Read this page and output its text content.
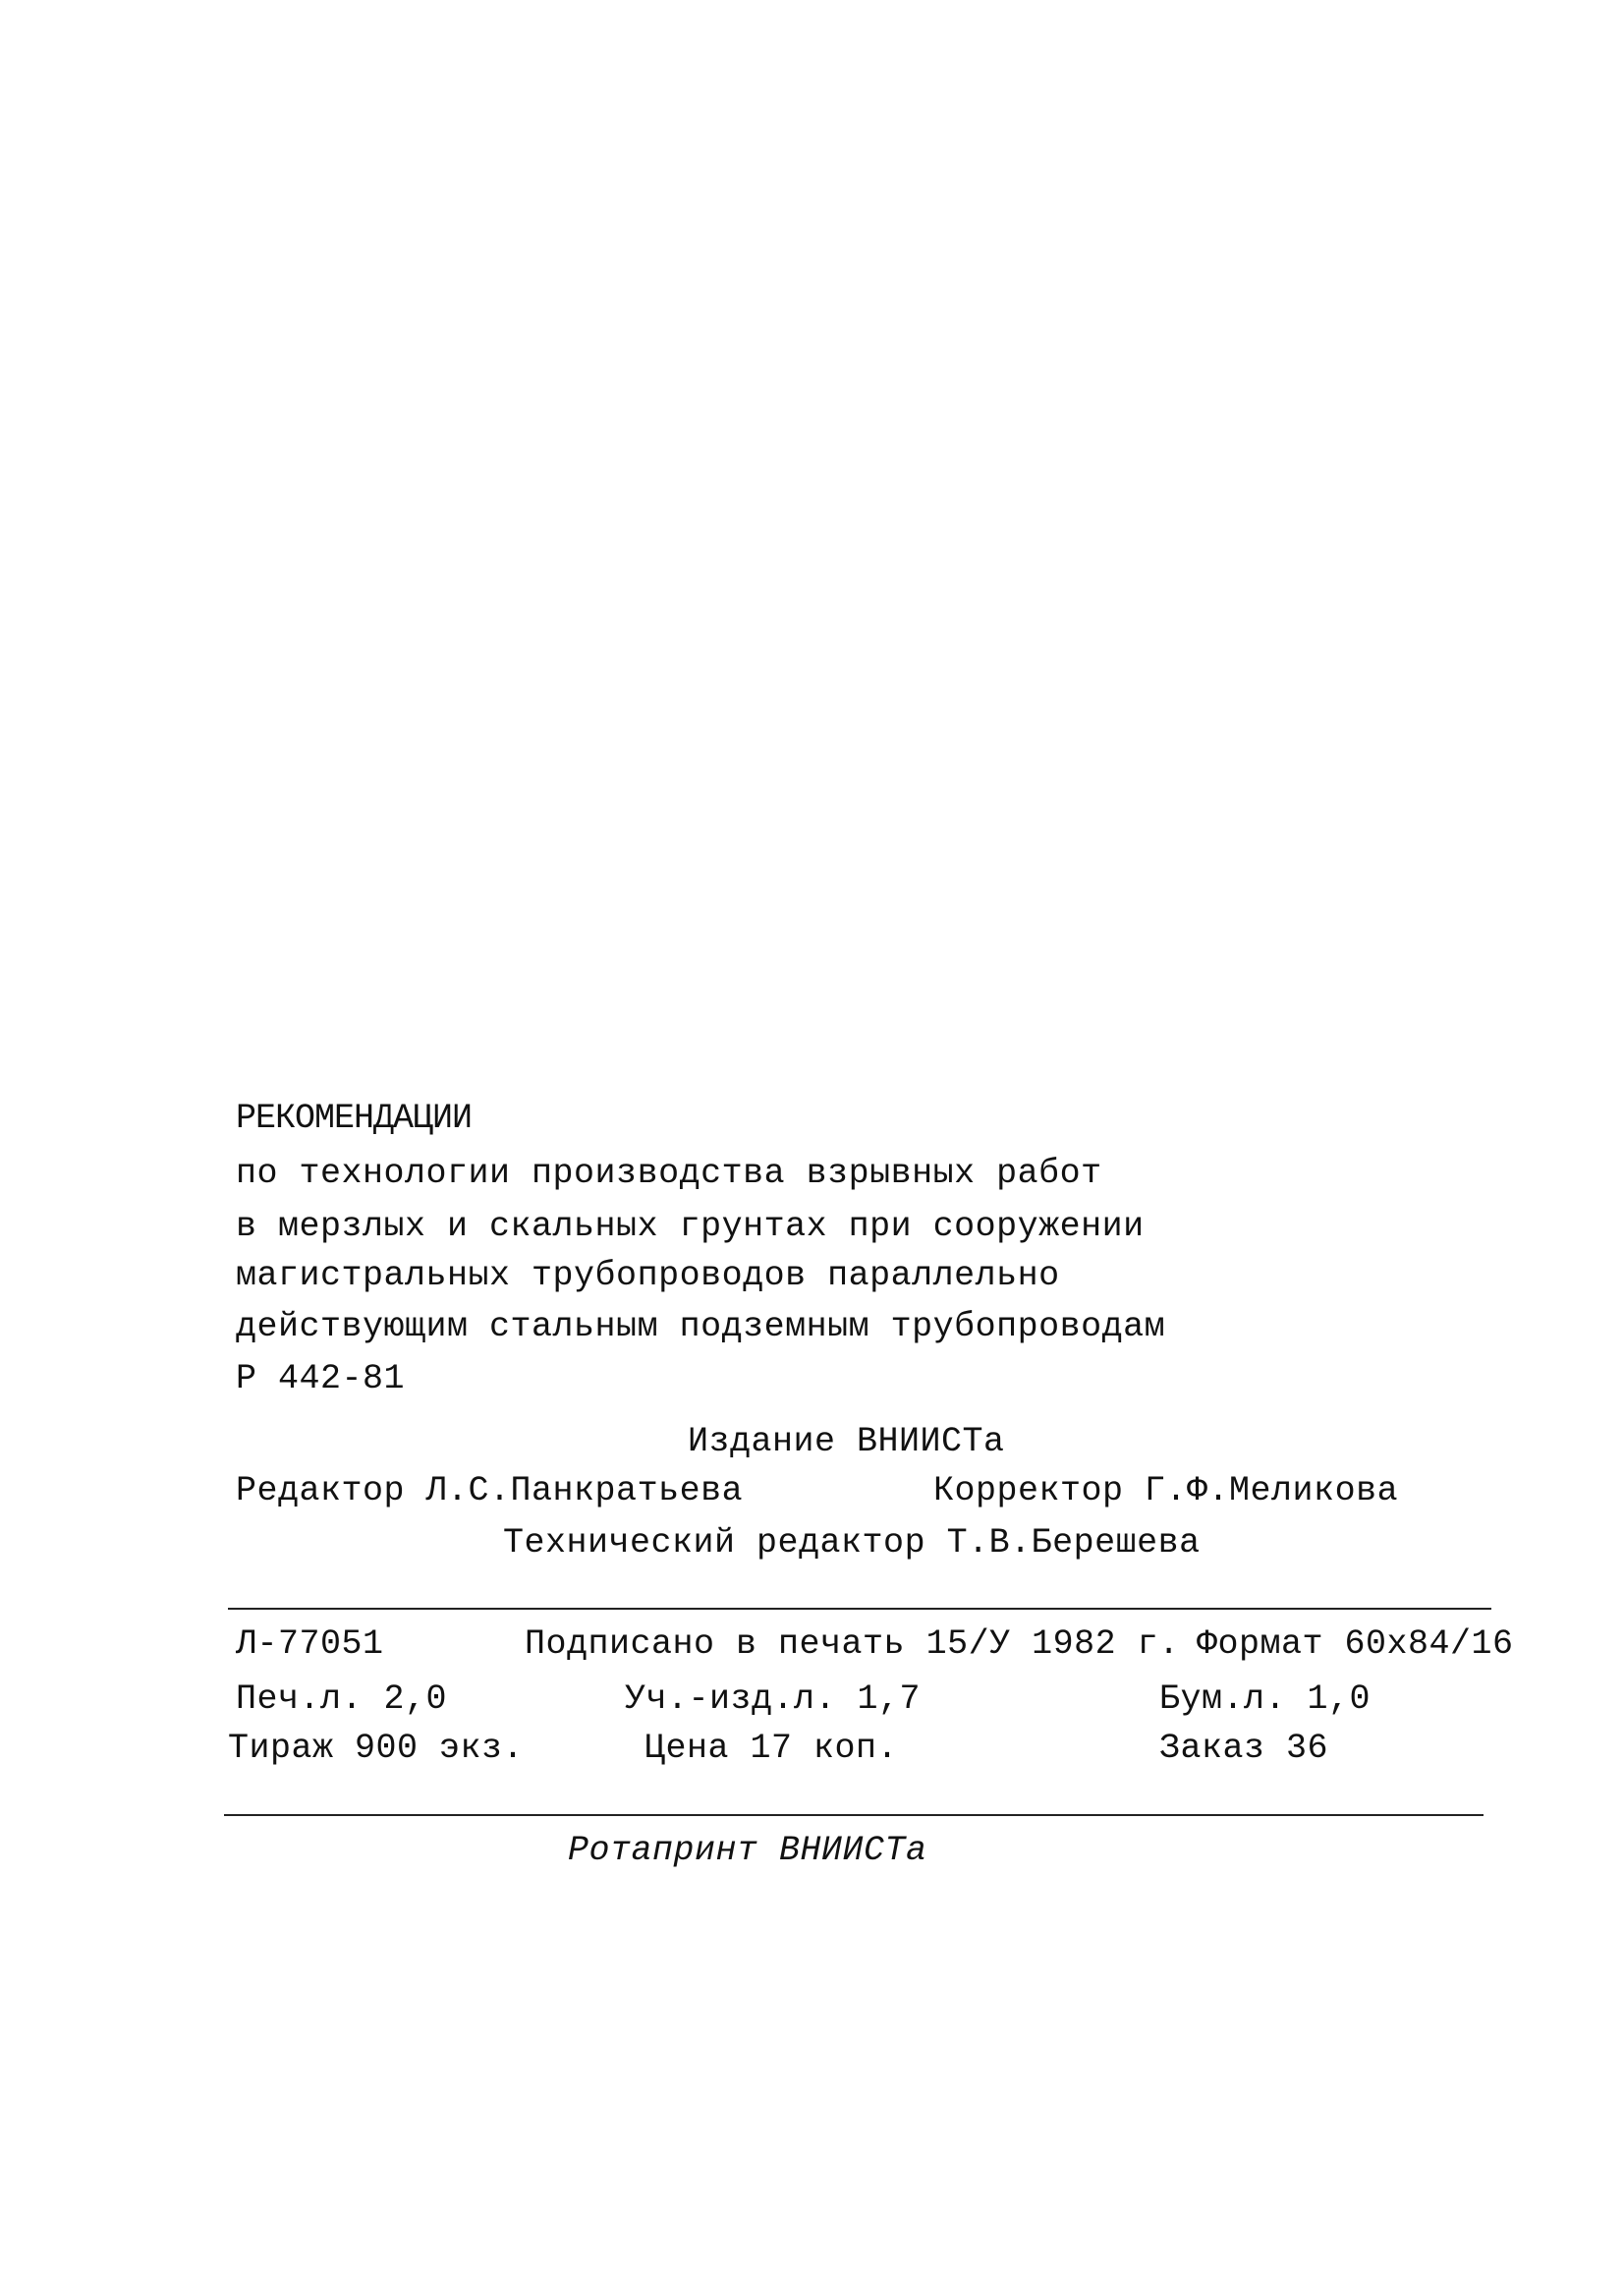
РЕКОМЕНДАЦИИ
по технологии производства взрывных работ
в мерзлых и скальных грунтах при сооружении
магистральных трубопроводов параллельно
действующим стальным подземным трубопроводам
Р 442-81
Издание ВНИИСТа
Редактор Л.С.Панкратьева	Корректор Г.Ф.Меликова
Технический редактор Т.В.Берешева
Л-77051	Подписано в печать 15/У 1982 г. Формат 60х84/16
Печ.л. 2,0	Уч.-изд.л. 1,7	Бум.л. 1,0
Тираж 900 экз.	Цена 17 коп.	Заказ 36
Ротапринт ВНИИСТа
